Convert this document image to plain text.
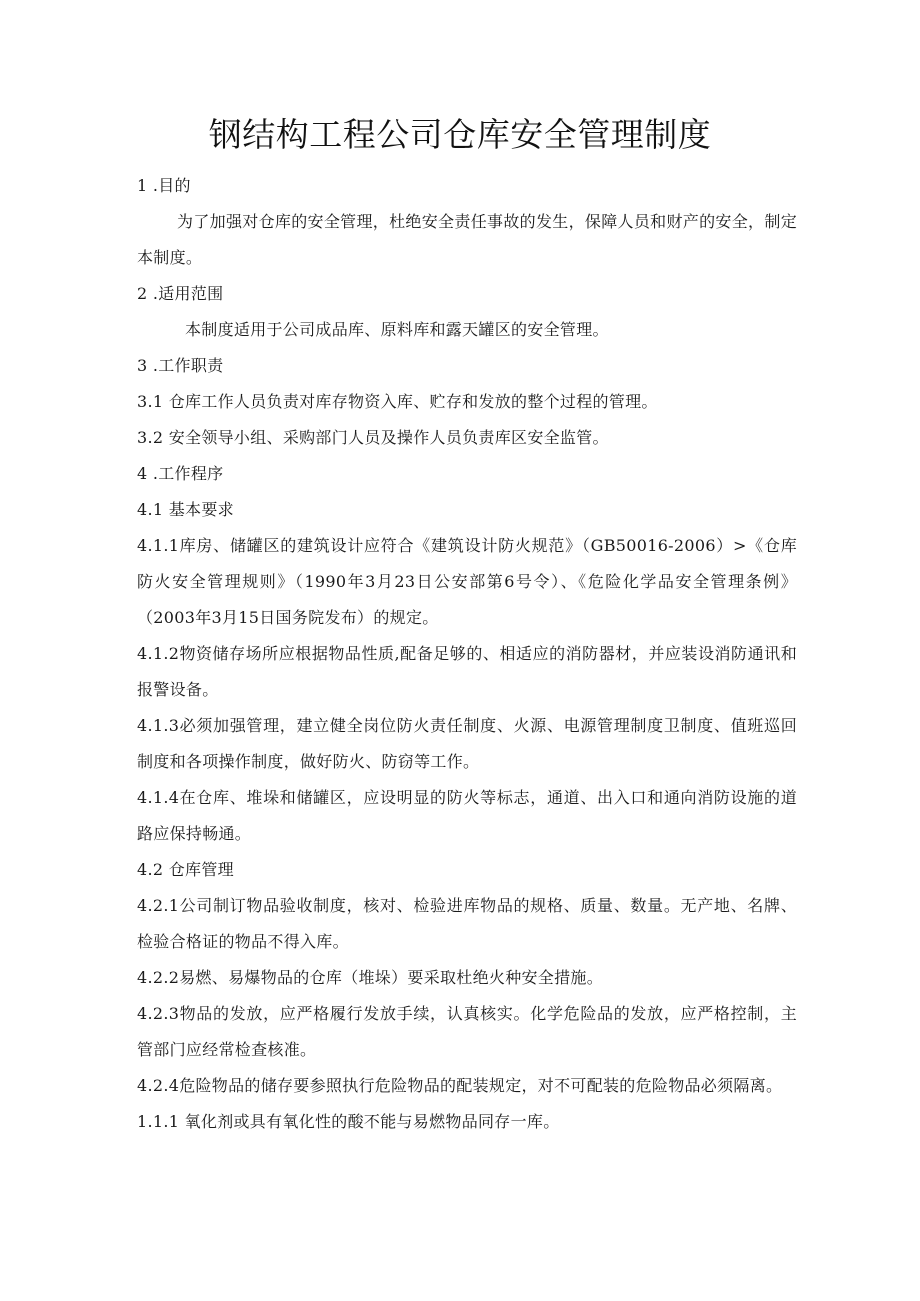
钢结构工程公司仓库安全管理制度
1 .目的
为了加强对仓库的安全管理，杜绝安全责任事故的发生，保障人员和财产的安全，制定本制度。
2 .适用范围
本制度适用于公司成品库、原料库和露天罐区的安全管理。
3 .工作职责
3.1 仓库工作人员负责对库存物资入库、贮存和发放的整个过程的管理。
3.2 安全领导小组、采购部门人员及操作人员负责库区安全监管。
4 .工作程序
4.1 基本要求
4.1.1库房、储罐区的建筑设计应符合《建筑设计防火规范》（GB50016-2006）>《仓库防火安全管理规则》（1990年3月23日公安部第6号令）、《危险化学品安全管理条例》（2003年3月15日国务院发布）的规定。
4.1.2物资储存场所应根据物品性质,配备足够的、相适应的消防器材，并应装设消防通讯和报警设备。
4.1.3必须加强管理，建立健全岗位防火责任制度、火源、电源管理制度卫制度、值班巡回制度和各项操作制度，做好防火、防窃等工作。
4.1.4在仓库、堆垛和储罐区，应设明显的防火等标志，通道、出入口和通向消防设施的道路应保持畅通。
4.2 仓库管理
4.2.1公司制订物品验收制度，核对、检验进库物品的规格、质量、数量。无产地、名牌、检验合格证的物品不得入库。
4.2.2易燃、易爆物品的仓库（堆垛）要采取杜绝火种安全措施。
4.2.3物品的发放，应严格履行发放手续，认真核实。化学危险品的发放，应严格控制，主管部门应经常检查核准。
4.2.4危险物品的储存要参照执行危险物品的配装规定，对不可配装的危险物品必须隔离。
1.1.1 氧化剂或具有氧化性的酸不能与易燃物品同存一库。
